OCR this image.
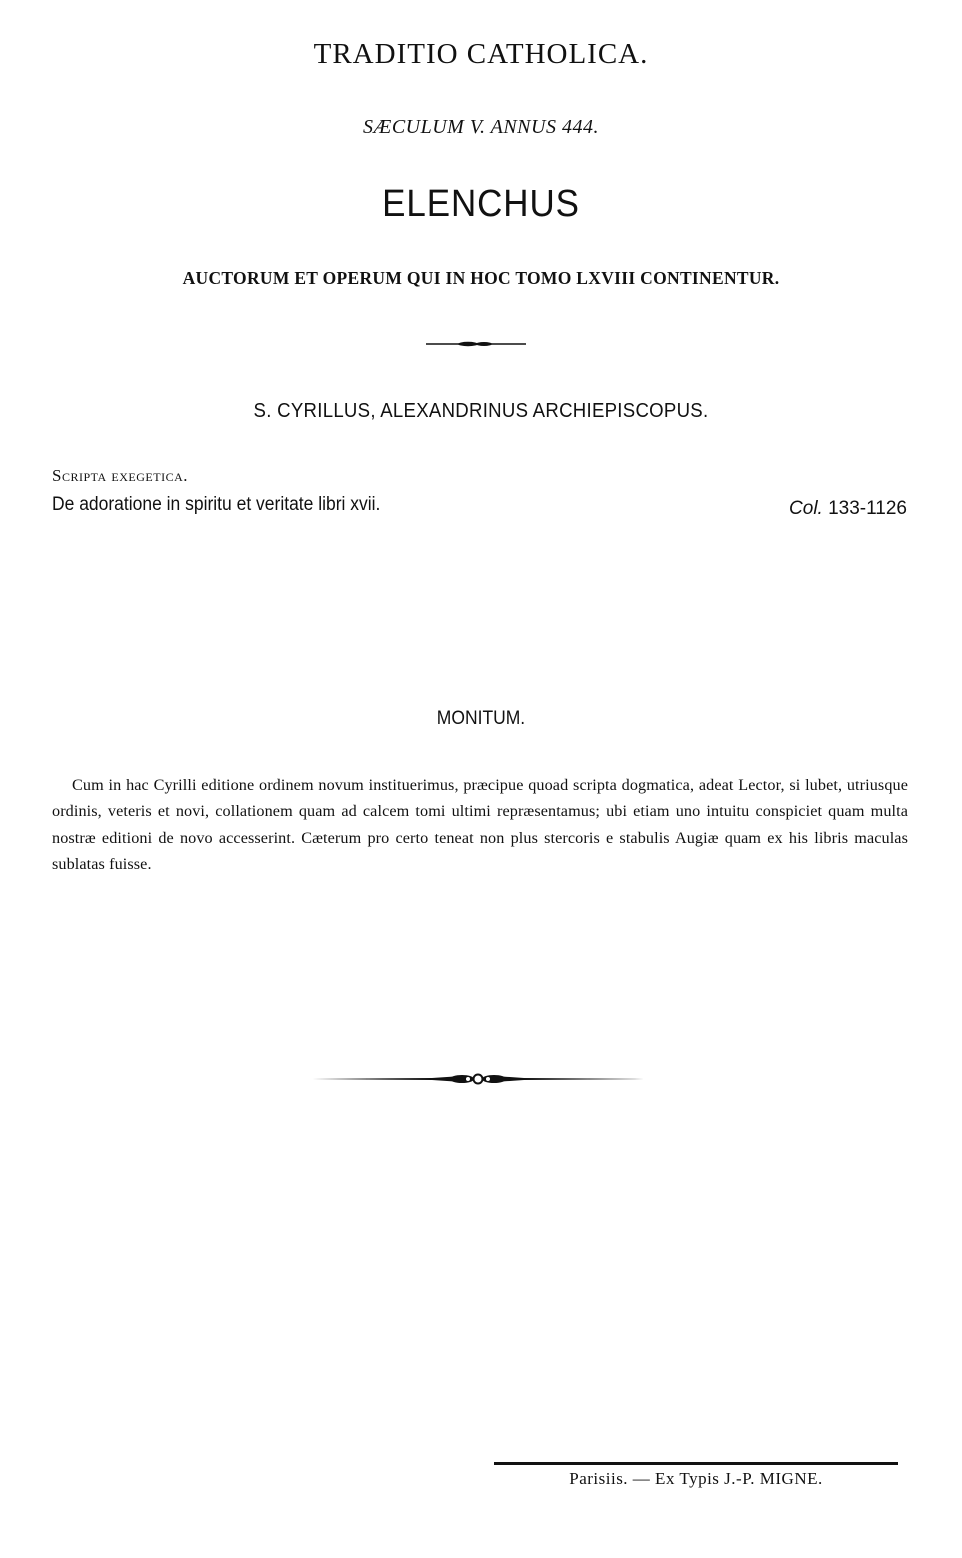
TRADITIO CATHOLICA.
SÆCULUM V. ANNUS 444.
ELENCHUS
AUCTORUM ET OPERUM QUI IN HOC TOMO LXVIII CONTINENTUR.
S. CYRILLUS, ALEXANDRINUS ARCHIEPISCOPUS.
Scripta exegetica.
De adoratione in spiritu et veritate libri xvii.	Col. 133-1126
MONITUM.

Cum in hac Cyrilli editione ordinem novum instituerimus, præcipue quoad scripta dogmatica, adeat Lector, si lubet, utriusque ordinis, veteris et novi, collationem quam ad calcem tomi ultimi repræsentamus; ubi etiam uno intuitu conspiciet quam multa nostræ editioni de novo accesserint. Cæterum pro certo teneat non plus stercoris e stabulis Augiæ quam ex his libris maculas sublatas fuisse.

Parisiis. — Ex Typis J.-P. MIGNE.
